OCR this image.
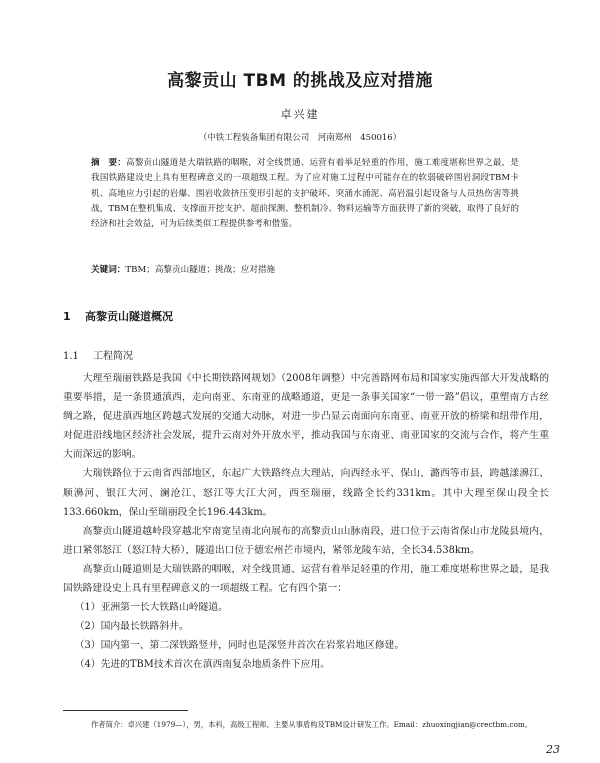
高黎贡山 TBM 的挑战及应对措施
卓兴建
（中铁工程装备集团有限公司　河南郑州　450016）
摘　要：高黎贡山隧道是大瑞铁路的咽喉，对全线贯通、运营有着举足轻重的作用，施工难度堪称世界之最，是我国铁路建设史上具有里程碑意义的一项超级工程。为了应对施工过程中可能存在的软弱破碎围岩洞段TBM卡机、高地应力引起的岩爆、围岩收敛挤压变形引起的支护破坏、突涌水涌泥、高岩温引起设备与人员热伤害等挑战，TBM在整机集成、支撑面开挖支护、超前探测、整机制冷、物料运输等方面获得了新的突破，取得了良好的经济和社会效益，可为后续类似工程提供参考和借鉴。
关键词：TBM；高黎贡山隧道；挑战；应对措施
1 高黎贡山隧道概况
1.1 工程简况

大理至瑞丽铁路是我国《中长期铁路网规划》（2008年调整）中完善路网布局和国家实施西部大开发战略的重要举措，是一条贯通滇西，走向南亚、东南亚的战略通道，更是一条事关国家“一带一路”倡议，重塑南方古丝绸之路，促进滇西地区跨越式发展的交通大动脉，对进一步凸显云南面向东南亚、南亚开放的桥梁和纽带作用，对促进沿线地区经济社会发展，提升云南对外开放水平，推动我国与东南亚、南亚国家的交流与合作，将产生重大而深远的影响。

大瑞铁路位于云南省西部地区，东起广大铁路终点大理站，向西经永平、保山、潞西等市县，跨越漾濞江、顺濞河、银江大河、澜沧江、怒江等大江大河，西至瑞丽，线路全长约331km。其中大理至保山段全长133.660km，保山至瑞丽段全长196.443km。

高黎贡山隧道越岭段穿越北窄南宽呈南北向展布的高黎贡山山脉南段，进口位于云南省保山市龙陵县境内，进口紧邻怒江（怒江特大桥），隧道出口位于德宏州芒市境内，紧邻龙陵车站，全长34.538km。

高黎贡山隧道则是大瑞铁路的咽喉，对全线贯通、运营有着举足轻重的作用，施工难度堪称世界之最，是我国铁路建设史上具有里程碑意义的一项超级工程。它有四个第一：

（1）亚洲第一长大铁路山岭隧道。

（2）国内最长铁路斜井。

（3）国内第一、第二深铁路竖井，同时也是深竖井首次在岩浆岩地区修建。

（4）先进的TBM技术首次在滇西南复杂地质条件下应用。

作者简介：卓兴建（1979—），男，本科，高级工程师。主要从事盾构及TBM设计研发工作。Email：zhuoxingjian@crectbm.com。
23
